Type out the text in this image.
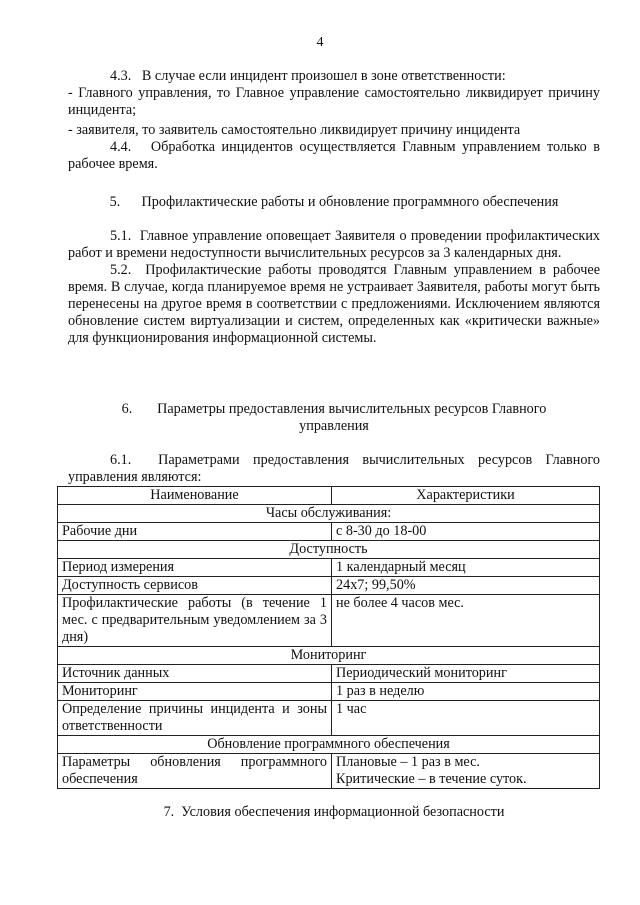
4

4.3.   В случае если инцидент произошел в зоне ответственности:

- Главного управления, то Главное управление самостоятельно ликвидирует причину инцидента;

- заявителя, то заявитель самостоятельно ликвидирует причину инцидента

4.4.   Обработка инцидентов осуществляется Главным управлением только в рабочее время.

5.      Профилактические работы и обновление программного обеспечения

5.1.  Главное управление оповещает Заявителя о проведении профилактических работ и времени недоступности вычислительных ресурсов за 3 календарных дня.

5.2.  Профилактические работы проводятся Главным управлением в рабочее время. В случае, когда планируемое время не устраивает Заявителя, работы могут быть перенесены на другое время в соответствии с предложениями. Исключением являются обновление систем виртуализации и систем, определенных как «критически важные» для функционирования информационной системы.

6.       Параметры предоставления вычислительных ресурсов Главного
управления

6.1.  Параметрами предоставления вычислительных ресурсов Главного управления являются:

Наименование	Характеристики
Часы обслуживания:	
Рабочие дни	с 8-30 до 18-00
Доступность	
Период измерения	1 календарный месяц
Доступность сервисов	24х7; 99,50%
Профилактические работы (в течение 1 мес. с предварительным уведомлением за 3 дня)	не более 4 часов мес.
Мониторинг	
Источник данных	Периодический мониторинг
Мониторинг	1 раз в неделю
Определение причины инцидента и зоны ответственности	1 час
Обновление программного обеспечения	
Параметры обновления программного обеспечения	Плановые – 1 раз в мес.
Критические – в течение суток.
7.  Условия обеспечения информационной безопасности
